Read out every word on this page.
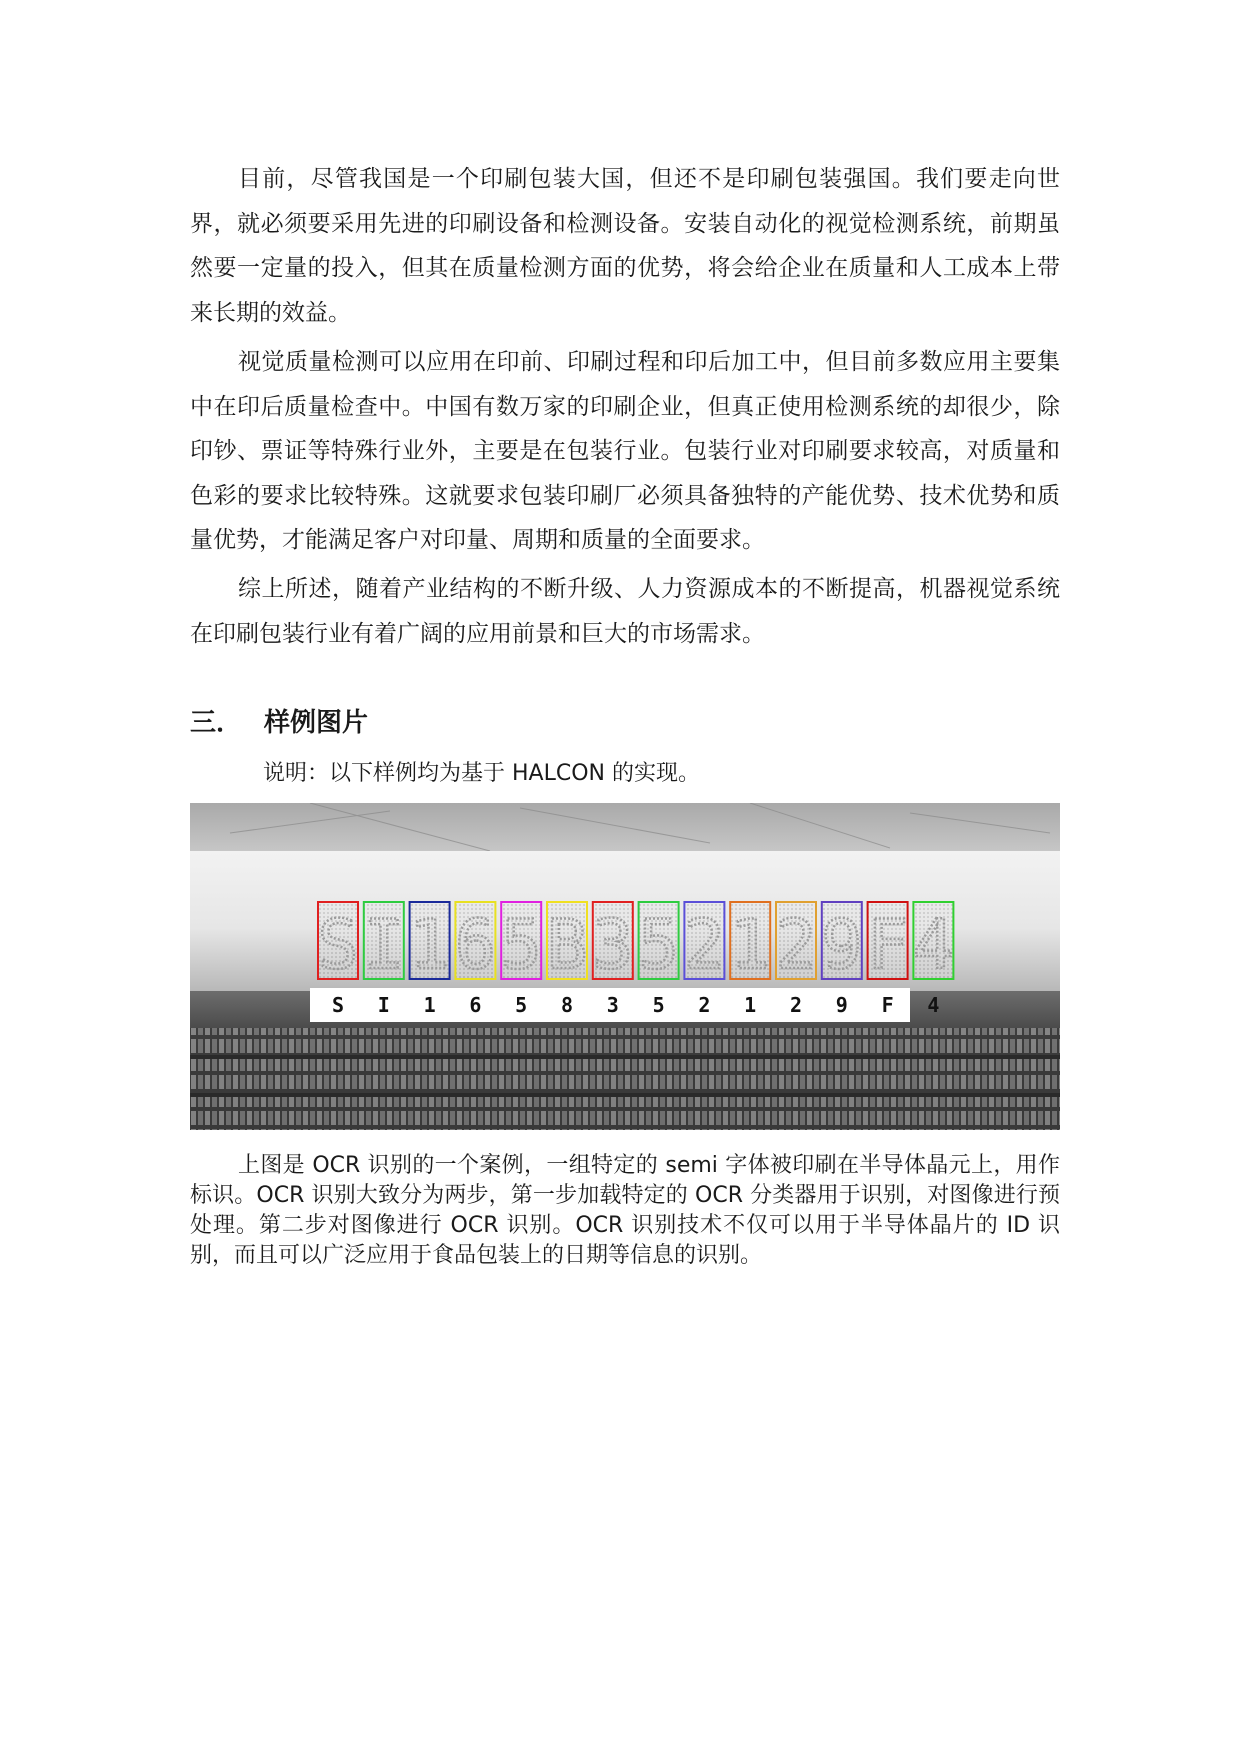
目前，尽管我国是一个印刷包装大国，但还不是印刷包装强国。我们要走向世界，就必须要采用先进的印刷设备和检测设备。安装自动化的视觉检测系统，前期虽然要一定量的投入，但其在质量检测方面的优势，将会给企业在质量和人工成本上带来长期的效益。

视觉质量检测可以应用在印前、印刷过程和印后加工中，但目前多数应用主要集中在印后质量检查中。中国有数万家的印刷企业，但真正使用检测系统的却很少，除印钞、票证等特殊行业外，主要是在包装行业。包装行业对印刷要求较高，对质量和色彩的要求比较特殊。这就要求包装印刷厂必须具备独特的产能优势、技术优势和质量优势，才能满足客户对印量、周期和质量的全面要求。

综上所述，随着产业结构的不断升级、人力资源成本的不断提高，机器视觉系统在印刷包装行业有着广阔的应用前景和巨大的市场需求。

三． 样例图片

说明：以下样例均为基于 HALCON 的实现。

S
S
I
I
1
1
6
6
5
5
B
8
3
3
5
5
2
2
1
1
2
2
9
9
F
F
4
4

上图是 OCR 识别的一个案例，一组特定的 semi 字体被印刷在半导体晶元上，用作标识。OCR 识别大致分为两步，第一步加载特定的 OCR 分类器用于识别，对图像进行预处理。第二步对图像进行 OCR 识别。OCR 识别技术不仅可以用于半导体晶片的 ID 识别，而且可以广泛应用于食品包装上的日期等信息的识别。
